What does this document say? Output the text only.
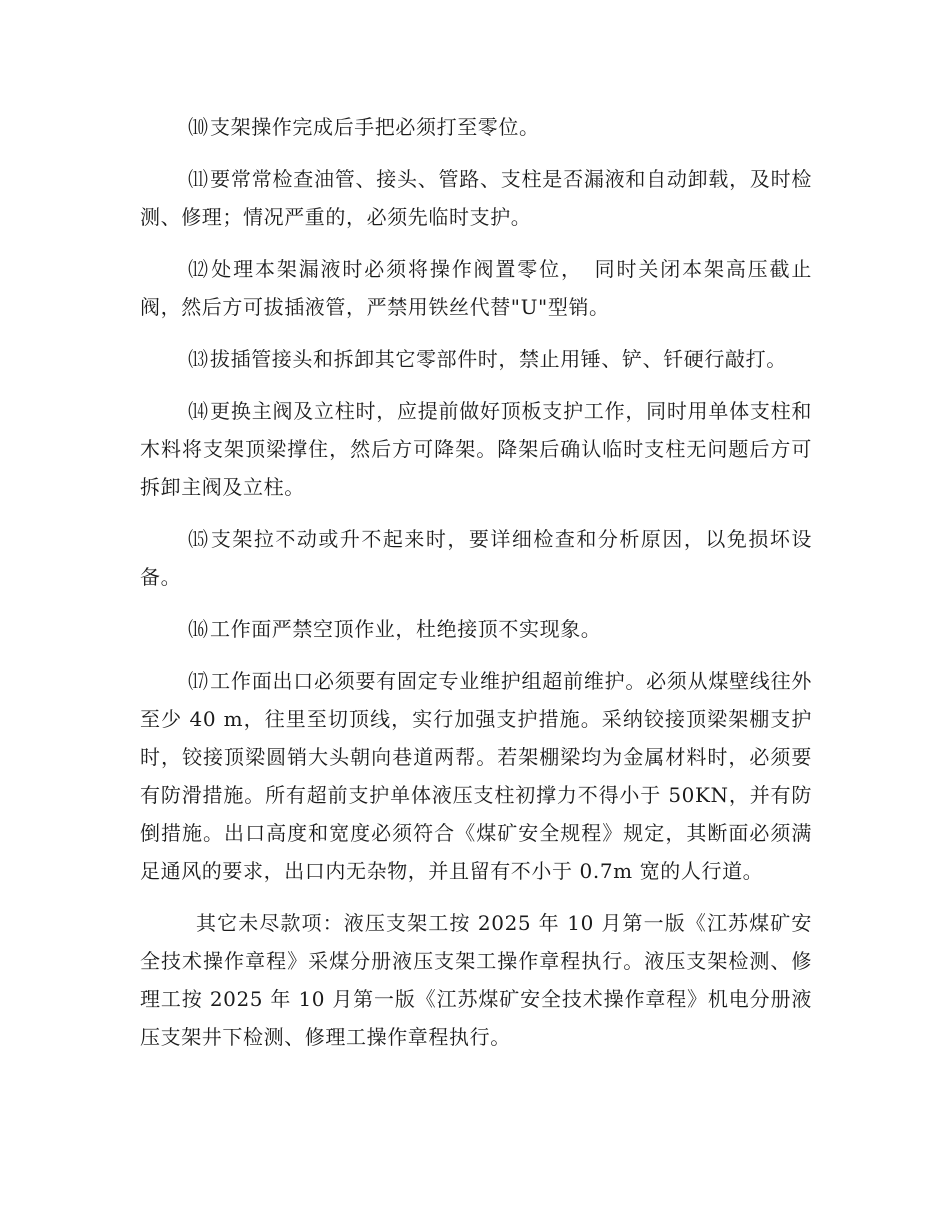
⑽ 支架操作完成后手把必须打至零位。

⑾ 要常常检查油管、接头、管路、支柱是否漏液和自动卸载，及时检测、修理；情况严重的，必须先临时支护。

⑿ 处理本架漏液时必须将操作阀置零位，　同时关闭本架高压截止阀，然后方可拔插液管，严禁用铁丝代替"U"型销。

⒀ 拔插管接头和拆卸其它零部件时，禁止用锤、铲、钎硬行敲打。

⒁ 更换主阀及立柱时，应提前做好顶板支护工作，同时用单体支柱和木料将支架顶梁撑住，然后方可降架。降架后确认临时支柱无问题后方可拆卸主阀及立柱。

⒂ 支架拉不动或升不起来时，要详细检查和分析原因，以免损坏设备。

⒃ 工作面严禁空顶作业，杜绝接顶不实现象。

⒄ 工作面出口必须要有固定专业维护组超前维护。必须从煤壁线往外至少 40 m，往里至切顶线，实行加强支护措施。采纳铰接顶梁架棚支护时，铰接顶梁圆销大头朝向巷道两帮。若架棚梁均为金属材料时，必须要有防滑措施。所有超前支护单体液压支柱初撑力不得小于 50KN，并有防倒措施。出口高度和宽度必须符合《煤矿安全规程》规定，其断面必须满足通风的要求，出口内无杂物，并且留有不小于 0.7m 宽的人行道。

其它未尽款项：液压支架工按 2025 年 10 月第一版《江苏煤矿安全技术操作章程》采煤分册液压支架工操作章程执行。液压支架检测、修理工按 2025 年 10 月第一版《江苏煤矿安全技术操作章程》机电分册液压支架井下检测、修理工操作章程执行。
